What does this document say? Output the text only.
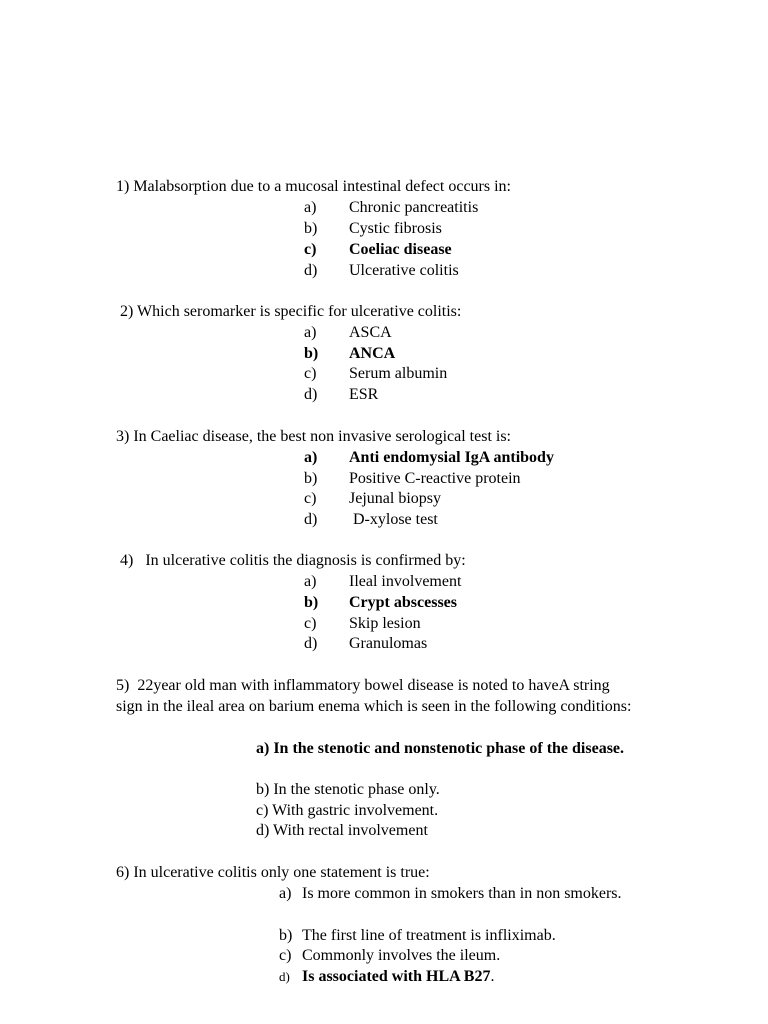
1) Malabsorption due to a mucosal intestinal defect occurs in:
a) Chronic pancreatitis
b) Cystic fibrosis
c) Coeliac disease
d) Ulcerative colitis
2) Which seromarker is specific for ulcerative colitis:
a) ASCA
b) ANCA
c) Serum albumin
d) ESR
3) In Caeliac disease, the best non invasive serological test is:
a) Anti endomysial IgA antibody
b) Positive C-reactive protein
c) Jejunal biopsy
d) D-xylose test
4)   In ulcerative colitis the diagnosis is confirmed by:
a) Ileal involvement
b) Crypt abscesses
c) Skip lesion
d) Granulomas
5)  22year old man with inflammatory bowel disease is noted to haveA string sign in the ileal area on barium enema which is seen in the following conditions:
a) In the stenotic and nonstenotic phase of the disease.
b) In the stenotic phase only.
c) With gastric involvement.
d) With rectal involvement
6) In ulcerative colitis only one statement is true:
a) Is more common in smokers than in non smokers.
b) The first line of treatment is infliximab.
c) Commonly involves the ileum.
d) Is associated with HLA B27.
